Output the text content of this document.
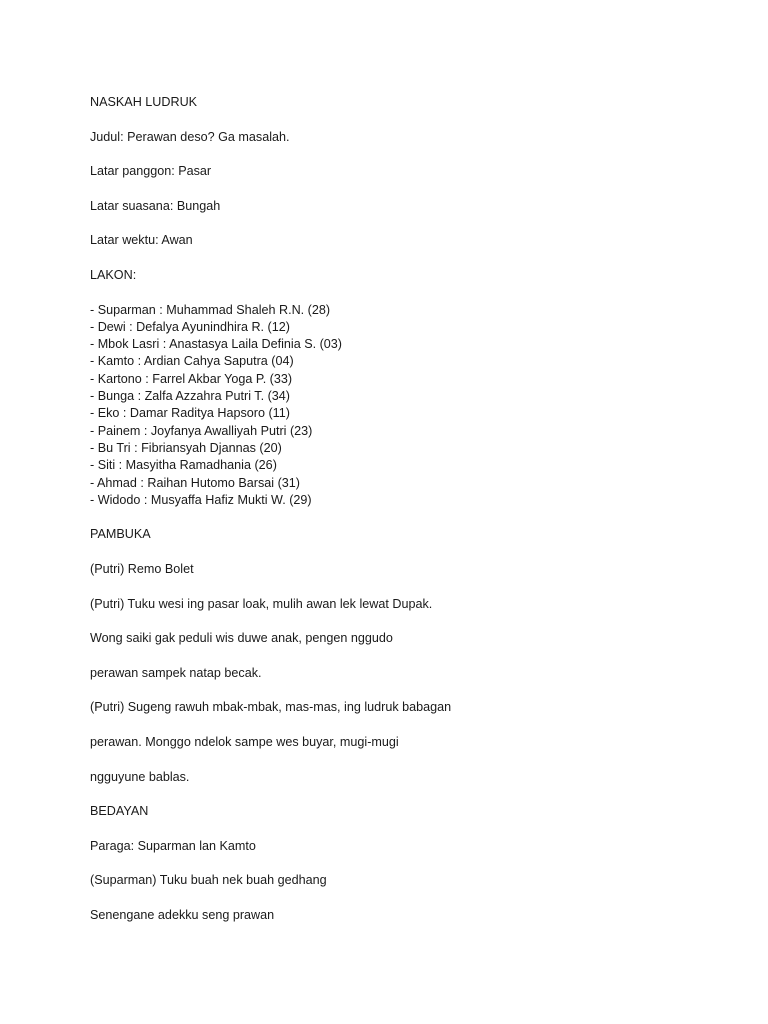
NASKAH LUDRUK

Judul: Perawan deso? Ga masalah.

Latar panggon: Pasar

Latar suasana: Bungah

Latar wektu: Awan

LAKON:

- Suparman : Muhammad Shaleh R.N. (28)
- Dewi : Defalya Ayunindhira R. (12)
- Mbok Lasri : Anastasya Laila Definia S. (03)
- Kamto : Ardian Cahya Saputra (04)
- Kartono : Farrel Akbar Yoga P. (33)
- Bunga : Zalfa Azzahra Putri T. (34)
- Eko : Damar Raditya Hapsoro (11)
- Painem : Joyfanya Awalliyah Putri (23)
- Bu Tri : Fibriansyah Djannas (20)
- Siti : Masyitha Ramadhania (26)
- Ahmad : Raihan Hutomo Barsai (31)
- Widodo : Musyaffa Hafiz Mukti W. (29)

PAMBUKA

(Putri) Remo Bolet

(Putri) Tuku wesi ing pasar loak, mulih awan lek lewat Dupak.

Wong saiki gak peduli wis duwe anak, pengen nggudo

perawan sampek natap becak.

(Putri) Sugeng rawuh mbak-mbak, mas-mas, ing ludruk babagan

perawan. Monggo ndelok sampe wes buyar, mugi-mugi

ngguyune bablas.

BEDAYAN

Paraga: Suparman lan Kamto

(Suparman) Tuku buah nek buah gedhang

Senengane adekku seng prawan
